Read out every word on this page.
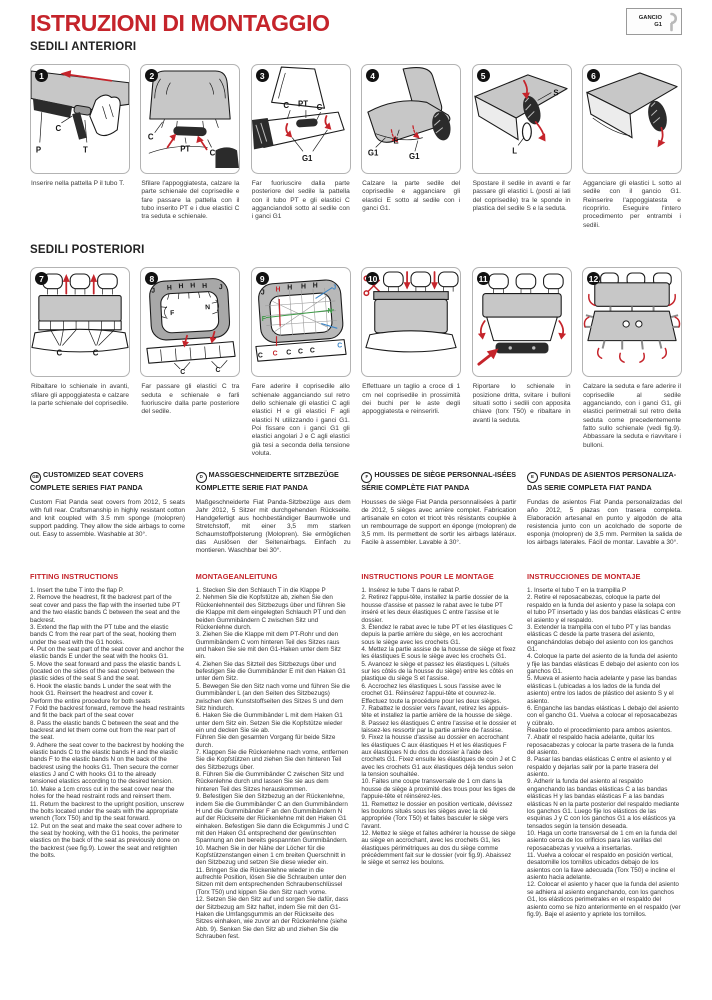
ISTRUZIONI DI MONTAGGIO	GANCIO
G1
SEDILI ANTERIORI
1
P
C
T
Inserire nella pattella P il tubo T.
2
C
PT C
Sfilare l'appoggiatesta, calzare la parte schienale del coprisedile e fare passare la pattella con il tubo inserito PT e i due elastici C tra seduta e schienale.
3
C PT C
G1
Far fuoriuscire dalla parte posteriore del sedile la pattella con il tubo PT e gli elastici C agganciandoli sotto al sedile con i ganci G1
4
G1
E
G1
Calzare la parte sedile del coprisedile e agganciare gli elastici E sotto al sedile con i ganci G1.
5
S
L
Spostare il sedile in avanti e far passare gli elastici L (posti ai lati del coprisedile) tra le sponde in plastica del sedile S e la seduta.
6
Agganciare gli elastici L sotto al sedile con il gancio G1. Reinserire l'appoggiatesta e ricoprirlo. Eseguire l'intero procedimento per entrambi i sedili.
SEDILI POSTERIORI
7
C	C
Ribaltare lo schienale in avanti, sfilare gli appoggiatesta e calzare la parte schienale del coprisedile.
8
J H H H H J
F
N
C	C
Far passare gli elastici C tra seduta e schienale e farli fuoriuscire dalla parte posteriore del sedile.
9
J H H H H J
F
N
C C C C C
C
Fare aderire il coprisedile allo schienale agganciando sul retro dello schienale gli elastici C agli elastici H e gli elastici F agli elastici N utilizzando i ganci G1. Poi fissare con i ganci G1 gli elastici angolari J e C agli elastici già tesi a seconda della tensione voluta.
10
Effettuare un taglio a croce di 1 cm nel coprisedile in prossimità dei buchi per le aste degli appoggiatesta e reinserirli.
11
Riportare lo schienale in posizione dritta, svitare i bulloni situati sotto i sedili con apposita chiave (torx T50) e ribaltare in avanti la seduta.
12
Calzare la seduta e fare aderire il coprisedile al sedile agganciando, con i ganci G1, gli elastici perimetrali sul retro della seduta come precedentemente fatto sullo schienale (vedi fig.9). Abbassare la seduta e riavvitare i bulloni.
GB CUSTOMIZED SEAT COVERS COMPLETE SERIES FIAT PANDA

Custom Fiat Panda seat covers from 2012, 5 seats with full rear. Craftsmanship in highly resistant cotton and knit coupled with 3.5 mm sponge (molopren) support padding. They allow the side airbags to come out. Easy to assemble. Washable at 30°.

FITTING INSTRUCTIONS

1. Insert the tube T into the flap P.

2. Remove the headrest, fit the backrest part of the seat cover and pass the flap with the inserted tube PT and the two elastic bands C between the seat and the backrest.

3. Extend the flap with the PT tube and the elastic bands C from the rear part of the seat, hooking them under the seat with the G1 hooks.

4. Put on the seat part of the seat cover and anchor the elastic bands E under the seat with the hooks G1.

5. Move the seat forward and pass the elastic bands L (located on the sides of the seat cover) between the plastic sides of the seat S and the seat.

6. Hook the elastic bands L under the seat with the hook G1. Reinsert the headrest and cover it.

Perform the entire procedure for both seats

7 Fold the backrest forward, remove the head restraints and fit the back part of the seat cover

8. Pass the elastic bands C between the seat and the backrest and let them come out from the rear part of the seat.

9. Adhere the seat cover to the backrest by hooking the elastic bands C to the elastic bands H and the elastic bands F to the elastic bands N on the back of the backrest using the hooks G1. Then secure the corner elastics J and C with hooks G1 to the already tensioned elastics according to the desired tension.

10. Make a 1cm cross cut in the seat cover near the holes for the head restraint rods and reinsert them.

11. Return the backrest to the upright position, unscrew the bolts located under the seats with the appropriate wrench (Torx T50) and tip the seat forward.

12. Put on the seat and make the seat cover adhere to the seat by hooking, with the G1 hooks, the perimeter elastics on the back of the seat as previously done on the backrest (see fig.9). Lower the seat and retighten the bolts.

D MASSGESCHNEIDERTE SITZBEZÜGE KOMPLETTE SERIE FIAT PANDA

Maßgeschneiderte Fiat Panda-Sitzbezüge aus dem Jahr 2012, 5 Sitzer mit durchgehenden Rückseite. Handgefertigt aus hochbeständiger Baumwolle und Stretchstoff, mit einer 3,5 mm starken Schaumstoffpolsterung (Molopren). Sie ermöglichen das Auslösen der Seitenairbags. Einfach zu montieren. Waschbar bei 30°.

MONTAGEANLEITUNG

1. Stecken Sie den Schlauch T in die Klappe P

2. Nehmen Sie die Kopfstütze ab, ziehen Sie den Rückenlehnenteil des Sitzbezugs über und führen Sie die Klappe mit dem eingelegten Schlauch PT und den beiden Gummibändern C zwischen Sitz und Rückenlehne durch.

3. Ziehen Sie die Klappe mit dem PT-Rohr und den Gummibändern C vom hinteren Teil des Sitzes raus und haken Sie sie mit den G1-Haken unter dem Sitz ein.

4. Ziehen Sie das Sitzteil des Sitzbezugs über und befestigen Sie die Gummibänder E mit den Haken G1 unter dem Sitz.

5. Bewegen Sie den Sitz nach vorne und führen Sie die Gummibänder L (an den Seiten des Sitzbezugs) zwischen den Kunststoffseiten des Sitzes S und dem Sitz hindurch.

6. Haken Sie die Gummibänder L mit dem Haken G1 unter dem Sitz ein. Setzen Sie die Kopfstütze wieder ein und decken Sie sie ab.

Führen Sie den gesamten Vorgang für beide Sitze durch.

7. Klappen Sie die Rückenlehne nach vorne, entfernen Sie die Kopfstützen und ziehen Sie den hinteren Teil des Sitzbezugs über.

8. Führen Sie die Gummibänder C zwischen Sitz und Rückenlehne durch und lassen Sie sie aus dem hinteren Teil des Sitzes herauskommen.

9. Befestigen Sie den Sitzbezug an der Rückenlehne, indem Sie die Gummibänder C an den Gummibändern H und die Gummibänder F an den Gummibändern N auf der Rückseite der Rückenlehne mit den Haken G1 einhaken. Befestigen Sie dann die Eckgummis J und C mit den Haken G1 entsprechend der gewünschten Spannung an den bereits gespannten Gummibändern.

10. Machen Sie in der Nähe der Löcher für die Kopfstützenstangen einen 1 cm breiten Querschnitt in den Sitzbezug und setzen Sie diese wieder ein.

11. Bringen Sie die Rückenlehne wieder in die aufrechte Position, lösen Sie die Schrauben unter den Sitzen mit dem entsprechenden Schraubenschlüssel (Torx T50) und kippen Sie den Sitz nach vorne.

12. Setzen Sie den Sitz auf und sorgen Sie dafür, dass der Sitzbezug am Sitz haftet, indem Sie mit den G1-Haken die Umfangsgummis an der Rückseite des Sitzes einhaken, wie zuvor an der Rückenlehne (siehe Abb. 9). Senken Sie den Sitz ab und ziehen Sie die Schrauben fest.

F HOUSSES DE SIÈGE PERSONNAL-ISÉES SÉRIE COMPLÈTE FIAT PANDA

Housses de siège Fiat Panda personnalisées à partir de 2012, 5 sièges avec arrière complet. Fabrication artisanale en coton et tricot très résistants couplée à un rembourrage de support en éponge (molopren) de 3,5 mm. Ils permettent de sortir les airbags latéraux. Facile à assembler. Lavable à 30°.

INSTRUCTIONS POUR LE MONTAGE

1. Insérez le tube T dans le rabat P.

2. Retirez l'appui-tête, installez la partie dossier de la housse d'assise et passez le rabat avec le tube PT inséré et les deux élastiques C entre l'assise et le dossier.

3. Étendez le rabat avec le tube PT et les élastiques C depuis la partie arrière du siège, en les accrochant sous le siège avec les crochets G1.

4. Mettez la partie assise de la housse de siège et fixez les élastiques E sous le siège avec les crochets G1.

5. Avancez le siège et passez les élastiques L (situés sur les côtés de la housse du siège) entre les côtés en plastique du siège S et l'assise.

6. Accrochez les élastiques L sous l'assise avec le crochet G1. Réinsérez l'appui-tête et couvrez-le.

Effectuez toute la procédure pour les deux sièges.

7. Rabattez le dossier vers l'avant, retirez les appuis-tête et installez la partie arrière de la housse de siège.

8. Passez les élastiques C entre l'assise et le dossier et laissez-les ressortir par la partie arrière de l'assise.

9. Fixez la housse d'assise au dossier en accrochant les élastiques C aux élastiques H et les élastiques F aux élastiques N du dos du dossier à l'aide des crochets G1. Fixez ensuite les élastiques de coin J et C avec les crochets G1 aux élastiques déjà tendus selon la tension souhaitée.

10. Faites une coupe transversale de 1 cm dans la housse de siège à proximité des trous pour les tiges de l'appuie-tête et réinsérez-les.

11. Remettez le dossier en position verticale, dévissez les boulons situés sous les sièges avec la clé appropriée (Torx T50) et faites basculer le siège vers l'avant.

12. Mettez le siège et faites adhérer la housse de siège au siège en accrochant, avec les crochets G1, les élastiques périmétriques au dos du siège comme précédemment fait sur le dossier (voir fig.9). Abaissez le siège et serrez les boulons.

E FUNDAS DE ASIENTOS PERSONALIZA-DAS SERIE COMPLETA FIAT PANDA

Fundas de asientos Fiat Panda personalizadas del año 2012, 5 plazas con trasera completa. Elaboración artesanal en punto y algodón de alta resistencia junto con un acolchado de soporte de esponja (molopren) de 3,5 mm. Permiten la salida de los airbags laterales. Fácil de montar. Lavable a 30°.

INSTRUCCIONES DE MONTAJE

1. Inserte el tubo T en la trampilla P

2. Retire el reposacabezas, coloque la parte del respaldo en la funda del asiento y pase la solapa con el tubo PT insertado y las dos bandas elásticas C entre el asiento y el respaldo.

3. Extender la trampilla con el tubo PT y las bandas elásticas C desde la parte trasera del asiento, enganchándolas debajo del asiento con los ganchos G1.

4. Coloque la parte del asiento de la funda del asiento y fije las bandas elásticas E debajo del asiento con los ganchos G1.

5. Mueva el asiento hacia adelante y pase las bandas elásticas L (ubicadas a los lados de la funda del asiento) entre los lados de plástico del asiento S y el asiento.

6. Enganche las bandas elásticas L debajo del asiento con el gancho G1. Vuelva a colocar el reposacabezas y cúbralo.

Realice todo el procedimiento para ambos asientos.

7. Abatir el respaldo hacia adelante, quitar los reposacabezas y colocar la parte trasera de la funda del asiento.

8. Pasar las bandas elásticas C entre el asiento y el respaldo y dejarlas salir por la parte trasera del asiento.

9. Adherir la funda del asiento al respaldo enganchando las bandas elásticas C a las bandas elásticas H y las bandas elásticas F a las bandas elásticas N en la parte posterior del respaldo mediante los ganchos G1. Luego fije los elásticos de las esquinas J y C con los ganchos G1 a los elásticos ya tensados según la tensión deseada.

10. Haga un corte transversal de 1 cm en la funda del asiento cerca de los orificios para las varillas del reposacabezas y vuelva a insertarlas.

11. Vuelva a colocar el respaldo en posición vertical, desatornille los tornillos ubicados debajo de los asientos con la llave adecuada (Torx T50) e incline el asiento hacia adelante.

12. Colocar el asiento y hacer que la funda del asiento se adhiera al asiento enganchando, con los ganchos G1, los elásticos perimetrales en el respaldo del asiento como se hizo anteriormente en el respaldo (ver fig.9). Baje el asiento y apriete los tornillos.
